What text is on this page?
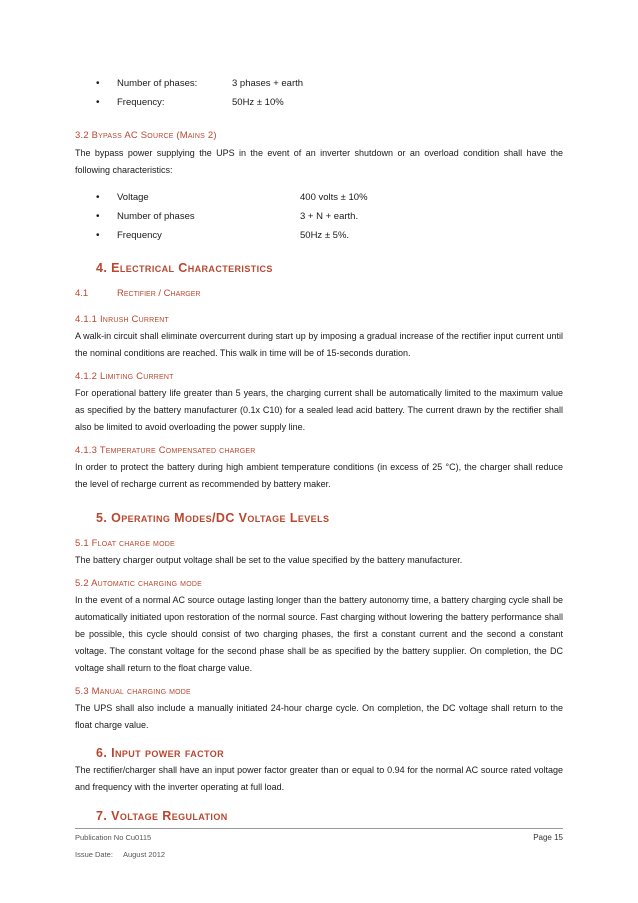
• Number of phases:	3 phases + earth
• Frequency:	50Hz ± 10%

3.2 Bypass AC Source (Mains 2)

The bypass power supplying the UPS in the event of an inverter shutdown or an overload condition shall have the following characteristics:

• Voltage	400 volts ± 10%
• Number of phases	3 + N + earth.
• Frequency	50Hz ± 5%.

4. Electrical Characteristics

4.1	Rectifier / Charger

4.1.1 Inrush Current

A walk-in circuit shall eliminate overcurrent during start up by imposing a gradual increase of the rectifier input current until the nominal conditions are reached. This walk in time will be of 15-seconds duration.

4.1.2 Limiting Current

For operational battery life greater than 5 years, the charging current shall be automatically limited to the maximum value as specified by the battery manufacturer (0.1x C10) for a sealed lead acid battery. The current drawn by the rectifier shall also be limited to avoid overloading the power supply line.

4.1.3 Temperature Compensated charger

In order to protect the battery during high ambient temperature conditions (in excess of 25 °C), the charger shall reduce the level of recharge current as recommended by battery maker.

5. Operating Modes/DC Voltage Levels

5.1 Float charge mode

The battery charger output voltage shall be set to the value specified by the battery manufacturer.

5.2 Automatic charging mode

In the event of a normal AC source outage lasting longer than the battery autonomy time, a battery charging cycle shall be automatically initiated upon restoration of the normal source. Fast charging without lowering the battery performance shall be possible, this cycle should consist of two charging phases, the first a constant current and the second a constant voltage. The constant voltage for the second phase shall be as specified by the battery supplier. On completion, the DC voltage shall return to the float charge value.

5.3 Manual charging mode

The UPS shall also include a manually initiated 24-hour charge cycle. On completion, the DC voltage shall return to the float charge value.

6. Input power factor

The rectifier/charger shall have an input power factor greater than or equal to 0.94 for the normal AC source rated voltage and frequency with the inverter operating at full load.

7. Voltage Regulation

Publication No Cu0115	Page 15
Issue Date: August 2012
